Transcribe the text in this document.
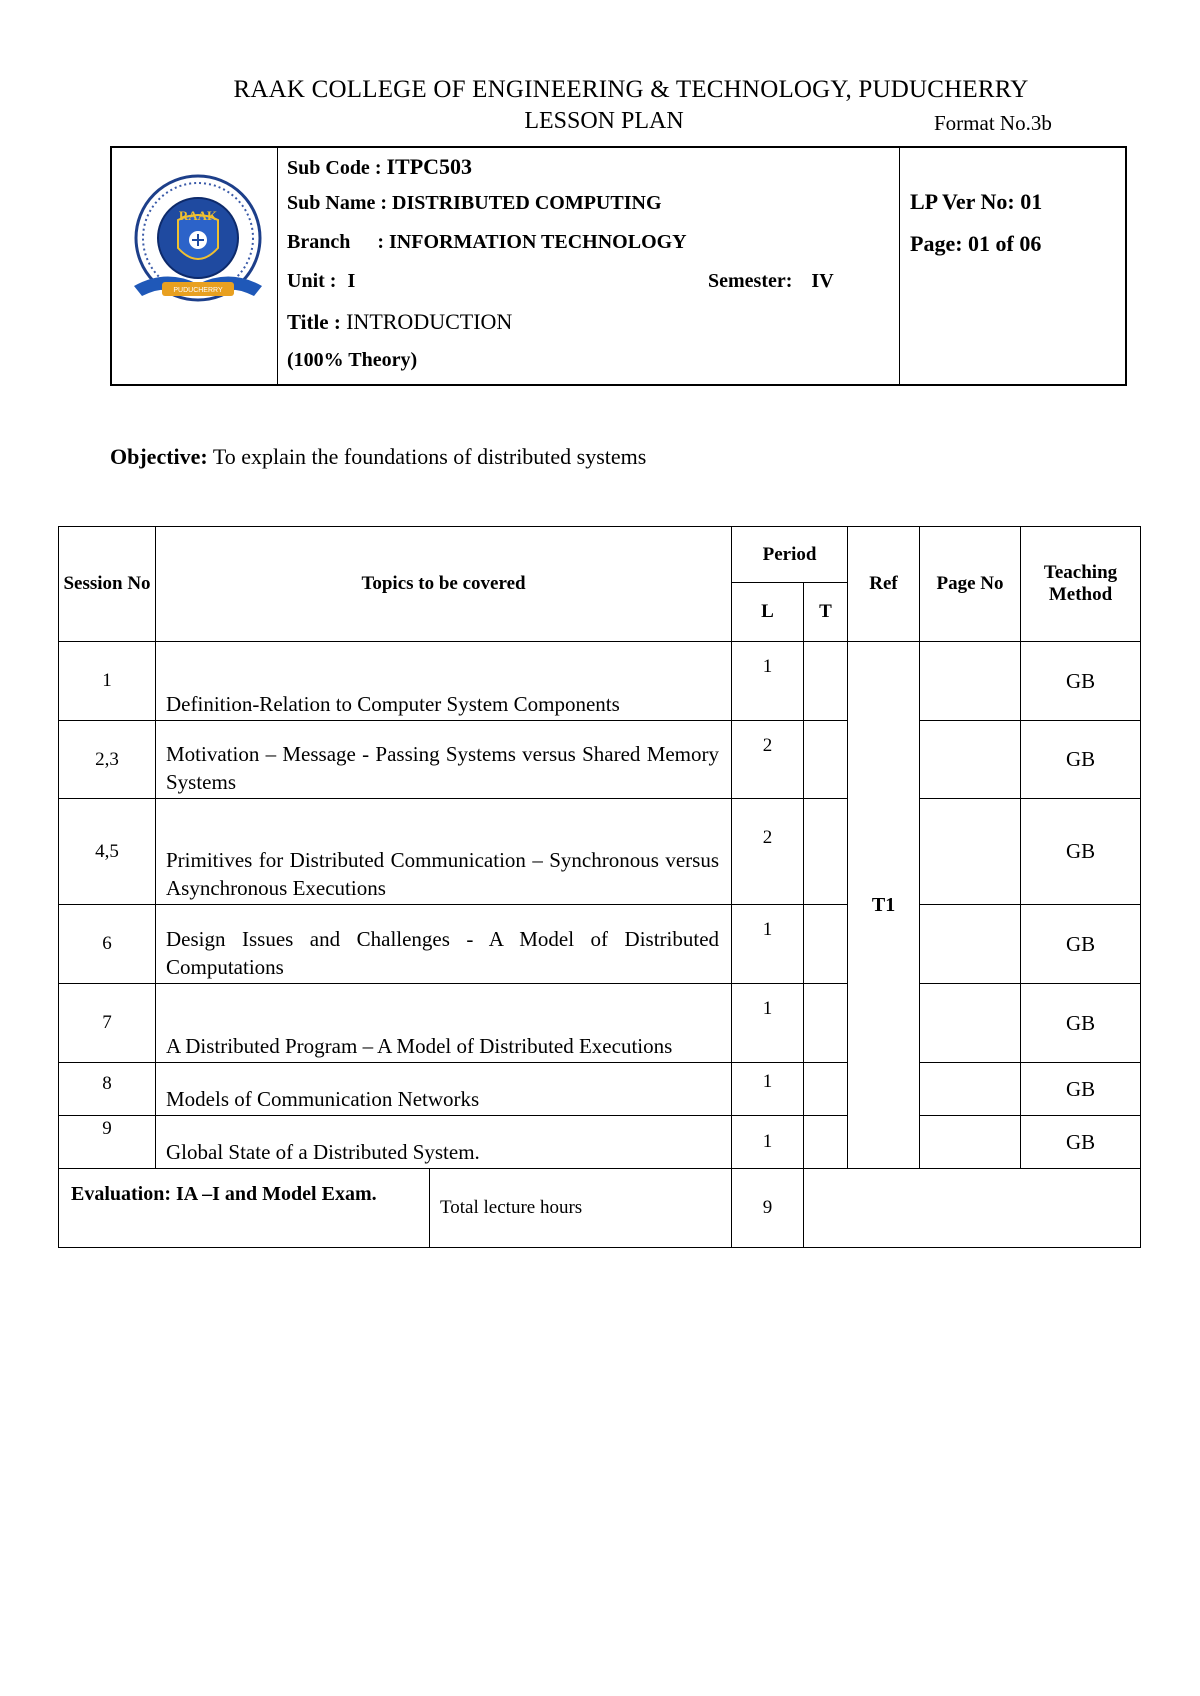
RAAK COLLEGE OF ENGINEERING & TECHNOLOGY, PUDUCHERRY
LESSON PLAN	Format No.3b
RAAK
PUDUCHERRY
Sub Code : ITPC503
Sub Name : DISTRIBUTED COMPUTING
Branch : INFORMATION TECHNOLOGY
Unit : I	Semester: IV
Title : INTRODUCTION
(100% Theory)
LP Ver No: 01
Page: 01 of 06
Objective: To explain the foundations of distributed systems
Session No	Topics to be covered		Period		Ref	Page No	Teaching Method
			L	T			
1	Definition-Relation to Computer System Components		1		T1		GB
2,3	Motivation – Message - Passing Systems versus Shared Memory Systems		2				GB
4,5	Primitives for Distributed Communication – Synchronous versus Asynchronous Executions		2				GB
6	Design Issues and Challenges - A Model of Distributed Computations		1				GB
7	A Distributed Program – A Model of Distributed Executions		1				GB
8	Models of Communication Networks		1				GB
9	Global State of a Distributed System.		1				GB
Evaluation: IA –I and Model Exam.		Total lecture hours	9				
